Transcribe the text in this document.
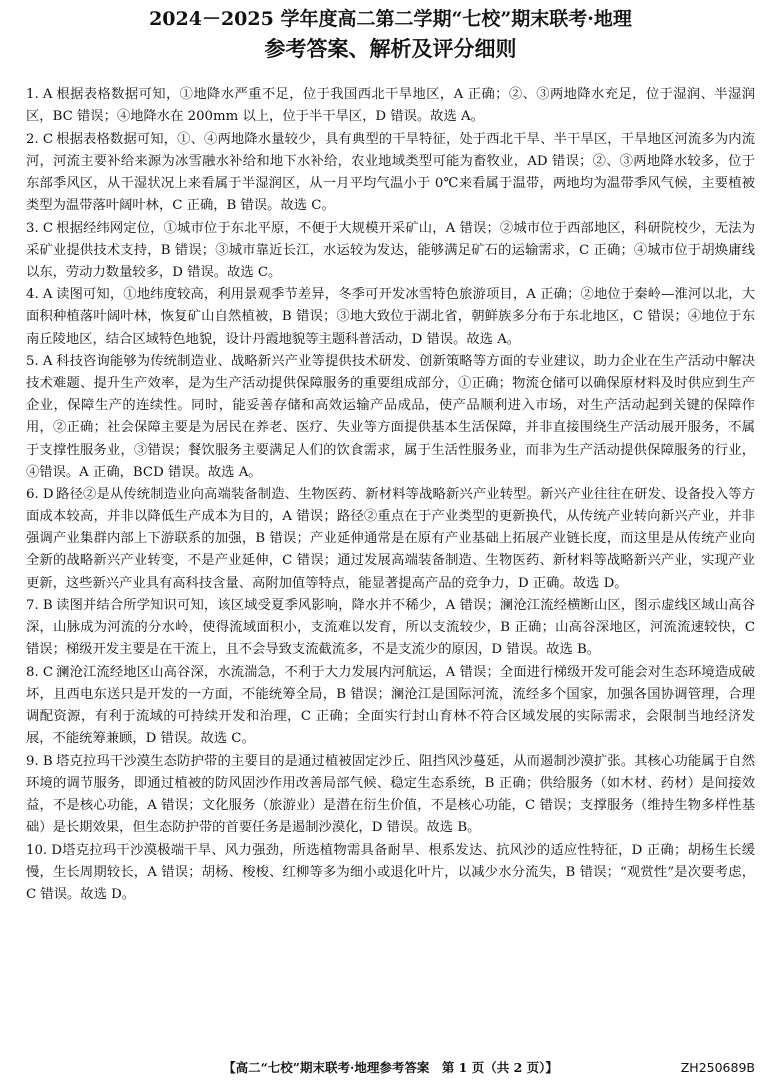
2024－2025 学年度高二第二学期“七校”期末联考·地理
参考答案、解析及评分细则

1. A 根据表格数据可知，①地降水严重不足，位于我国西北干旱地区，A 正确；②、③两地降水充足，位于湿润、半湿润区，BC 错误；④地降水在 200mm 以上，位于半干旱区，D 错误。故选 A。

2. C 根据表格数据可知，①、④两地降水量较少，具有典型的干旱特征，处于西北干旱、半干旱区，干旱地区河流多为内流河，河流主要补给来源为冰雪融水补给和地下水补给，农业地域类型可能为畜牧业，AD 错误；②、③两地降水较多，位于东部季风区，从干湿状况上来看属于半湿润区，从一月平均气温小于 0℃来看属于温带，两地均为温带季风气候，主要植被类型为温带落叶阔叶林，C 正确，B 错误。故选 C。

3. C 根据经纬网定位，①城市位于东北平原，不便于大规模开采矿山，A 错误；②城市位于西部地区，科研院校少，无法为采矿业提供技术支持，B 错误；③城市靠近长江，水运较为发达，能够满足矿石的运输需求，C 正确；④城市位于胡焕庸线以东，劳动力数量较多，D 错误。故选 C。

4. A 读图可知，①地纬度较高，利用景观季节差异，冬季可开发冰雪特色旅游项目，A 正确；②地位于秦岭—淮河以北，大面积种植落叶阔叶林，恢复矿山自然植被，B 错误；③地大致位于湖北省，朝鲜族多分布于东北地区，C 错误；④地位于东南丘陵地区，结合区域特色地貌，设计丹霞地貌等主题科普活动，D 错误。故选 A。

5. A 科技咨询能够为传统制造业、战略新兴产业等提供技术研发、创新策略等方面的专业建议，助力企业在生产活动中解决技术难题、提升生产效率，是为生产活动提供保障服务的重要组成部分，①正确；物流仓储可以确保原材料及时供应到生产企业，保障生产的连续性。同时，能妥善存储和高效运输产品成品，使产品顺利进入市场，对生产活动起到关键的保障作用，②正确；社会保障主要是为居民在养老、医疗、失业等方面提供基本生活保障，并非直接围绕生产活动展开服务，不属于支撑性服务业，③错误；餐饮服务主要满足人们的饮食需求，属于生活性服务业，而非为生产活动提供保障服务的行业，④错误。A 正确，BCD 错误。故选 A。

6. D 路径②是从传统制造业向高端装备制造、生物医药、新材料等战略新兴产业转型。新兴产业往往在研发、设备投入等方面成本较高，并非以降低生产成本为目的，A 错误；路径②重点在于产业类型的更新换代，从传统产业转向新兴产业，并非强调产业集群内部上下游联系的加强，B 错误；产业延伸通常是在原有产业基础上拓展产业链长度，而这里是从传统产业向全新的战略新兴产业转变，不是产业延伸，C 错误；通过发展高端装备制造、生物医药、新材料等战略新兴产业，实现产业更新，这些新兴产业具有高科技含量、高附加值等特点，能显著提高产品的竞争力，D 正确。故选 D。

7. B 读图并结合所学知识可知，该区域受夏季风影响，降水并不稀少，A 错误；澜沧江流经横断山区，图示虚线区域山高谷深，山脉成为河流的分水岭，使得流域面积小，支流难以发育，所以支流较少，B 正确；山高谷深地区，河流流速较快，C 错误；梯级开发主要是在干流上，且不会导致支流截流多，不是支流少的原因，D 错误。故选 B。

8. C 澜沧江流经地区山高谷深，水流湍急，不利于大力发展内河航运，A 错误；全面进行梯级开发可能会对生态环境造成破坏，且西电东送只是开发的一方面，不能统筹全局，B 错误；澜沧江是国际河流，流经多个国家，加强各国协调管理，合理调配资源，有利于流域的可持续开发和治理，C 正确；全面实行封山育林不符合区域发展的实际需求，会限制当地经济发展，不能统筹兼顾，D 错误。故选 C。

9. B 塔克拉玛干沙漠生态防护带的主要目的是通过植被固定沙丘、阻挡风沙蔓延，从而遏制沙漠扩张。其核心功能属于自然环境的调节服务，即通过植被的防风固沙作用改善局部气候、稳定生态系统，B 正确；供给服务（如木材、药材）是间接效益，不是核心功能，A 错误；文化服务（旅游业）是潜在衍生价值，不是核心功能，C 错误；支撑服务（维持生物多样性基础）是长期效果，但生态防护带的首要任务是遏制沙漠化，D 错误。故选 B。

10. D塔克拉玛干沙漠极端干旱、风力强劲，所选植物需具备耐旱、根系发达、抗风沙的适应性特征，D 正确；胡杨生长缓慢，生长周期较长，A 错误；胡杨、梭梭、红柳等多为细小或退化叶片，以减少水分流失，B 错误；“观赏性”是次要考虑，C 错误。故选 D。

【高二“七校”期末联考·地理参考答案　第 1 页（共 2 页）】	ZH250689B
